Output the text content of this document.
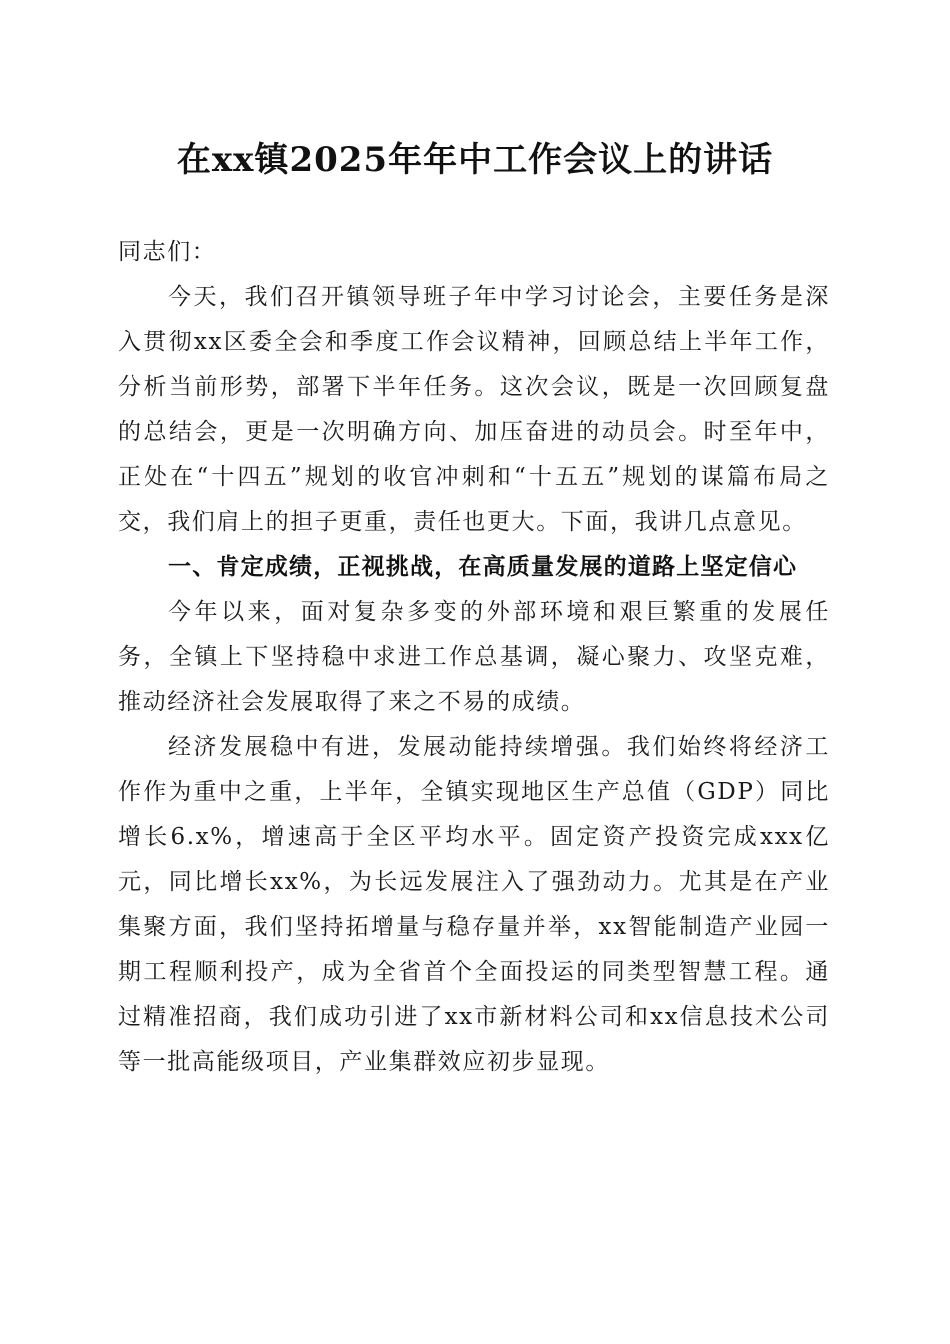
在xx镇2025年年中工作会议上的讲话

同志们：

今天，我们召开镇领导班子年中学习讨论会，主要任务是深入贯彻xx区委全会和季度工作会议精神，回顾总结上半年工作，分析当前形势，部署下半年任务。这次会议，既是一次回顾复盘的总结会，更是一次明确方向、加压奋进的动员会。时至年中，正处在“十四五”规划的收官冲刺和“十五五”规划的谋篇布局之交，我们肩上的担子更重，责任也更大。下面，我讲几点意见。

一、肯定成绩，正视挑战，在高质量发展的道路上坚定信心

今年以来，面对复杂多变的外部环境和艰巨繁重的发展任务，全镇上下坚持稳中求进工作总基调，凝心聚力、攻坚克难，推动经济社会发展取得了来之不易的成绩。

经济发展稳中有进，发展动能持续增强。我们始终将经济工作作为重中之重，上半年，全镇实现地区生产总值（GDP）同比增长6.x%，增速高于全区平均水平。固定资产投资完成xxx亿元，同比增长xx%，为长远发展注入了强劲动力。尤其是在产业集聚方面，我们坚持拓增量与稳存量并举，xx智能制造产业园一期工程顺利投产，成为全省首个全面投运的同类型智慧工程。通过精准招商，我们成功引进了xx市新材料公司和xx信息技术公司等一批高能级项目，产业集群效应初步显现。
